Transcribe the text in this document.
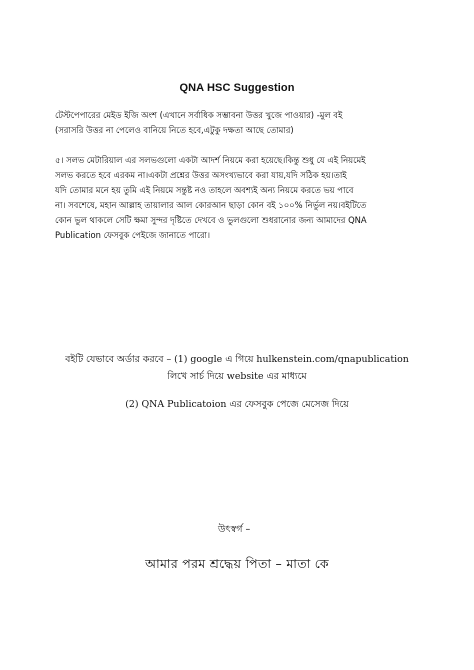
QNA HSC Suggestion
টেস্টপেপারের মেইড ইজি অংশ (এখানে সর্বাধিক সম্ভাবনা উত্তর খুজে পাওয়ার) -মুল বই
(সরাসরি উত্তর না পেলেও বানিয়ে নিতে হবে,এটুকু দক্ষতা আছে তোমার)
৫। সলভ মেটারিয়াল এর সলভগুলো একটা আদর্শ নিয়মে করা হয়েছে।কিন্তু শুধু যে এই নিয়মেই
সলভ করতে হবে এরকম না।একটা প্রশ্নের উত্তর অসংখ্যভাবে করা যায়,যদি সঠিক হয়।তাই
যদি তোমার মনে হয় তুমি এই নিয়মে সন্তুষ্ট নও তাহলে অবশ্যই অন্য নিয়মে করতে ভয় পাবে
না। সবশেষে, মহান আল্লাহ তায়ালার আল কোরআন ছাড়া কোন বই ১০০% নির্ভুল নয়।বইটিতে
কোন ভুল থাকলে সেটি ক্ষমা সুন্দর দৃষ্টিতে দেখবে ও ভুলগুলো শুধরানোর জন্য আমাদের QNA
Publication ফেসবুক পেইজে জানাতে পারো।
বইটি যেভাবে অর্ডার করবে – (1) google এ গিয়ে hulkenstein.com/qnapublication
লিখে সার্চ দিয়ে website এর মাধ্যমে
(2) QNA Publicatoion এর ফেসবুক পেজে মেসেজ দিয়ে
উৎস্বর্গ –
আমার পরম শ্রদ্ধেয় পিতা – মাতা কে
